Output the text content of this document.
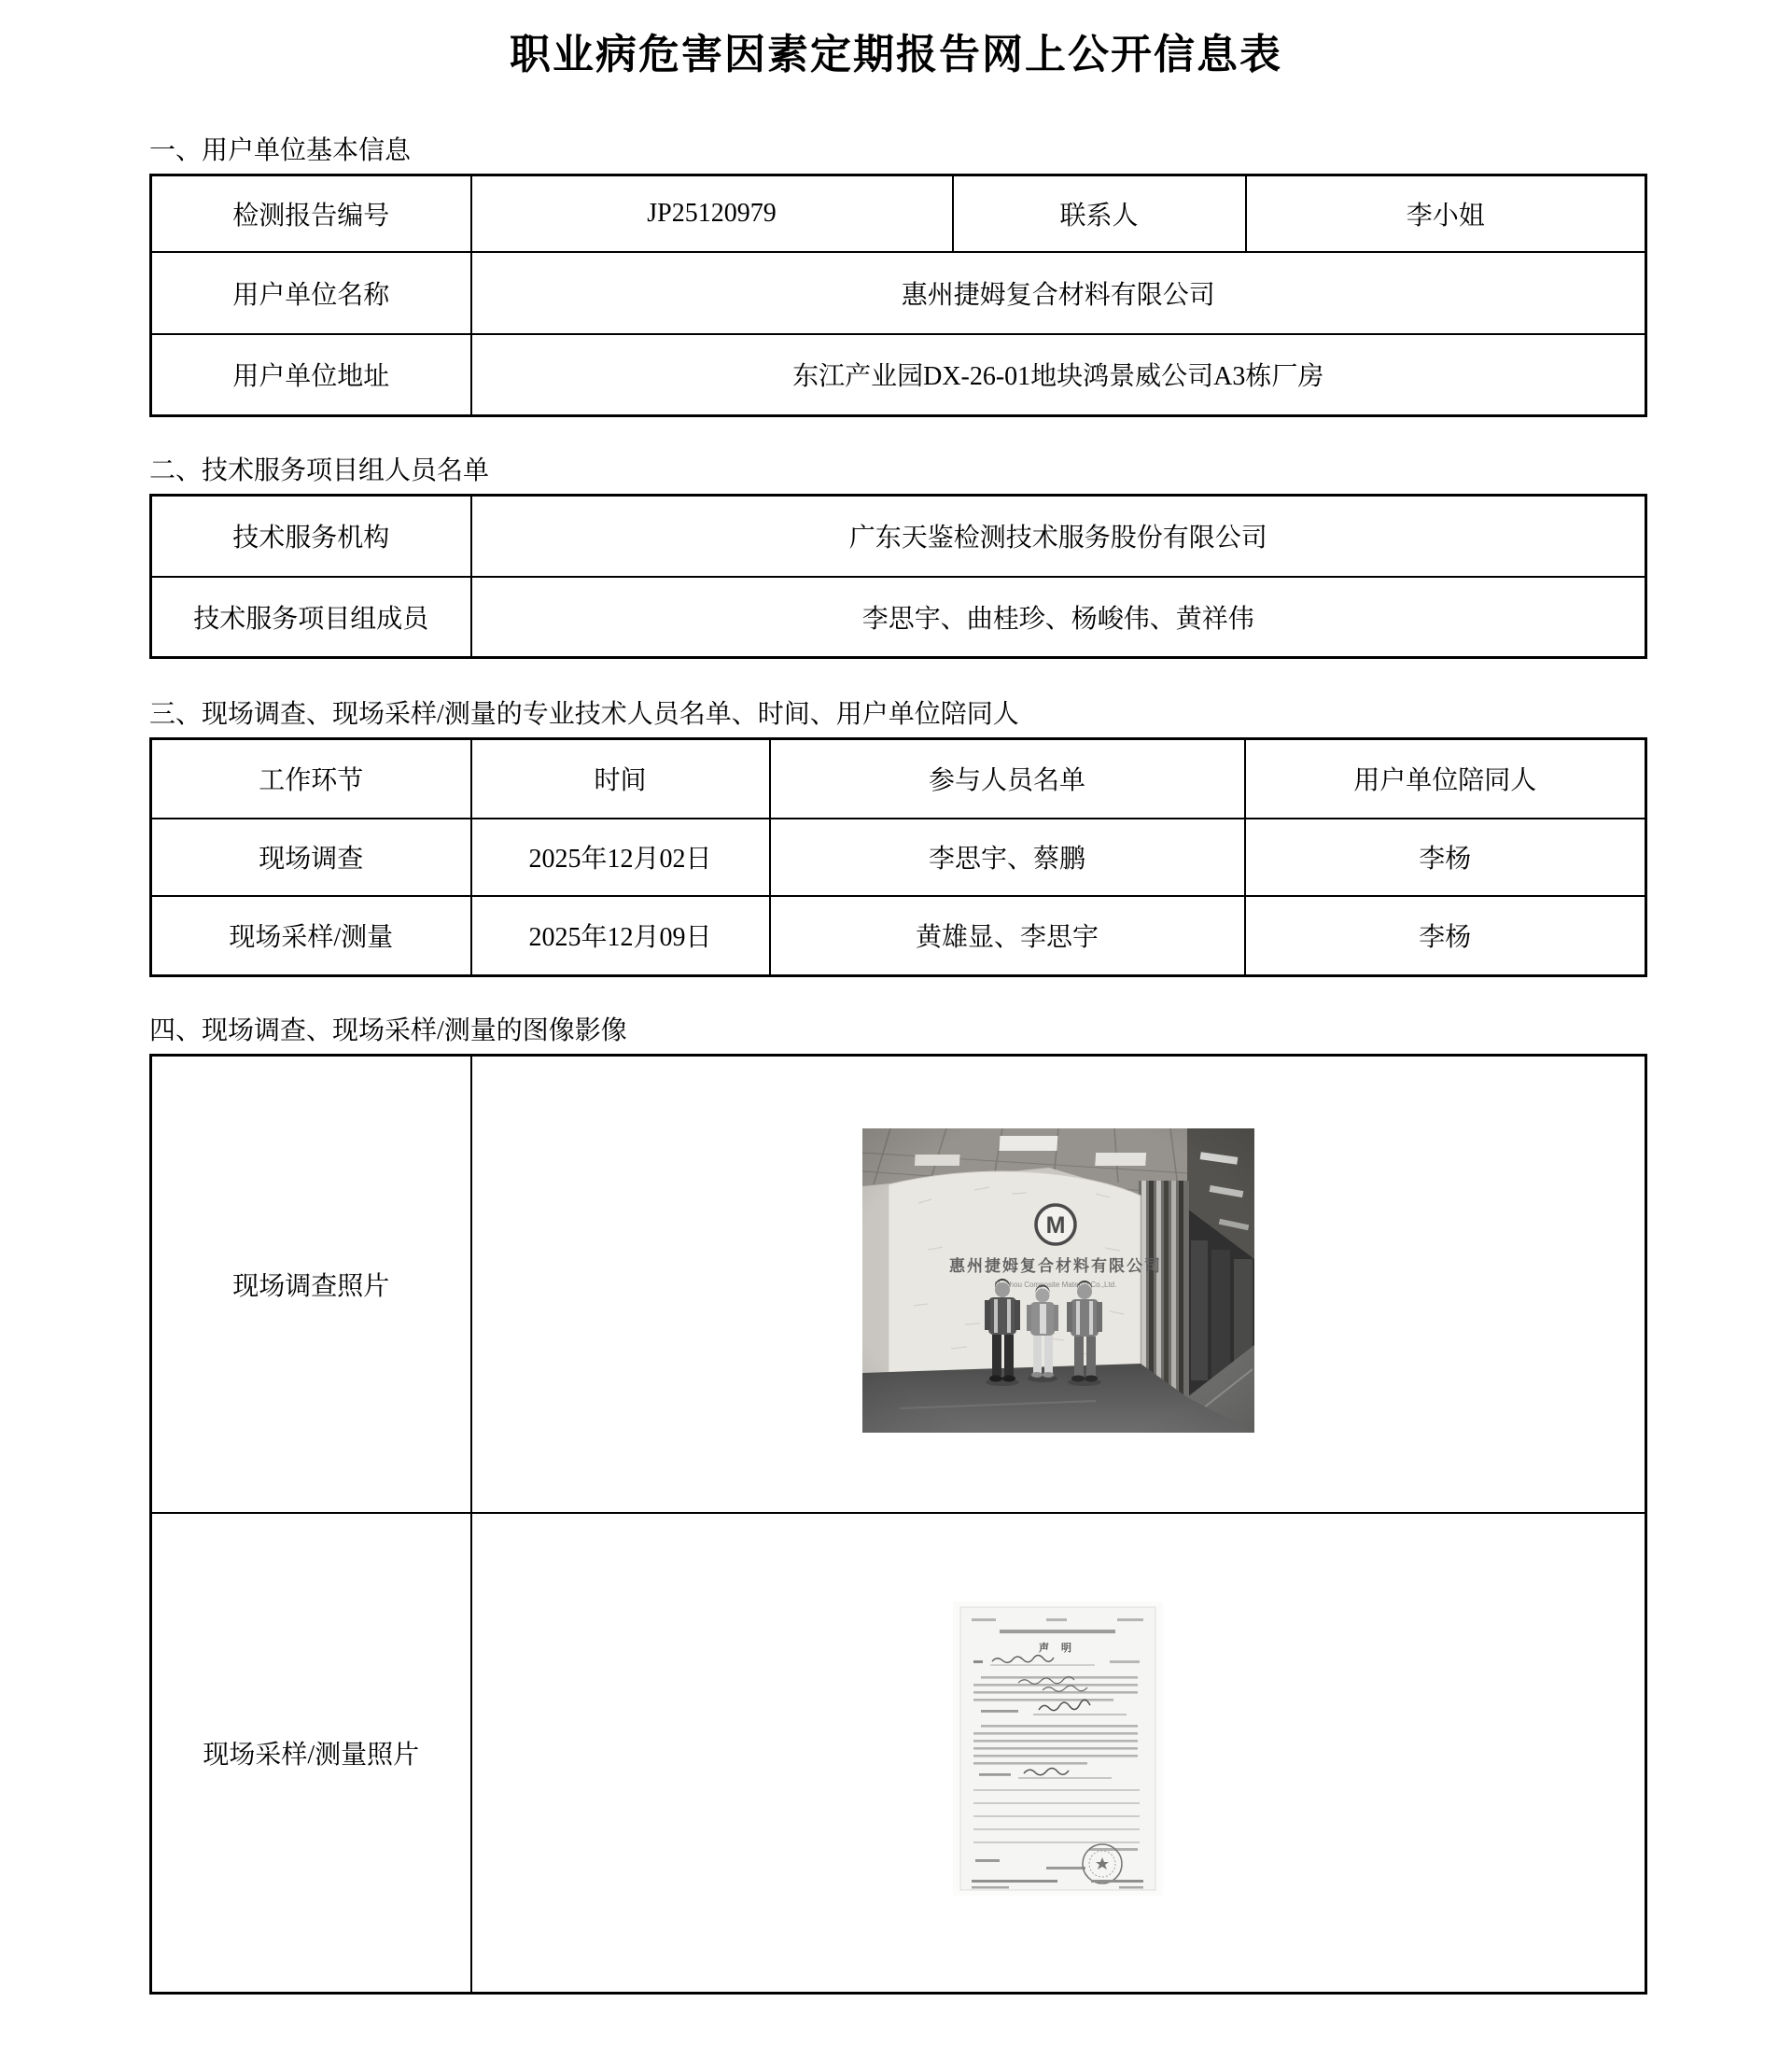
职业病危害因素定期报告网上公开信息表

一、用户单位基本信息

检测报告编号	JP25120979	联系人	李小姐
用户单位名称	惠州捷姆复合材料有限公司		
用户单位地址	东江产业园DX-26-01地块鸿景威公司A3栋厂房		

二、技术服务项目组人员名单

技术服务机构	广东天鉴检测技术服务股份有限公司
技术服务项目组成员	李思宇、曲桂珍、杨峻伟、黄祥伟

三、现场调查、现场采样/测量的专业技术人员名单、时间、用户单位陪同人

工作环节	时间	参与人员名单	用户单位陪同人
现场调查	2025年12月02日	李思宇、蔡鹏	李杨
现场采样/测量	2025年12月09日	黄雄显、李思宇	李杨

四、现场调查、现场采样/测量的图像影像

现场调查照片	

现场采样/测量照片	声 明
